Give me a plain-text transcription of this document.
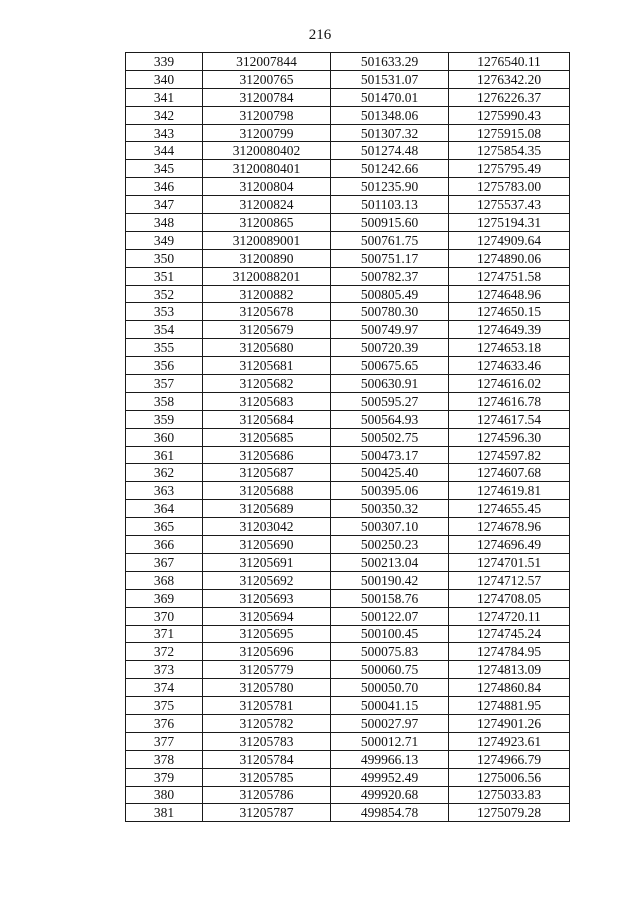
216
339	312007844	501633.29	1276540.11
340	31200765	501531.07	1276342.20
341	31200784	501470.01	1276226.37
342	31200798	501348.06	1275990.43
343	31200799	501307.32	1275915.08
344	3120080402	501274.48	1275854.35
345	3120080401	501242.66	1275795.49
346	31200804	501235.90	1275783.00
347	31200824	501103.13	1275537.43
348	31200865	500915.60	1275194.31
349	3120089001	500761.75	1274909.64
350	31200890	500751.17	1274890.06
351	3120088201	500782.37	1274751.58
352	31200882	500805.49	1274648.96
353	31205678	500780.30	1274650.15
354	31205679	500749.97	1274649.39
355	31205680	500720.39	1274653.18
356	31205681	500675.65	1274633.46
357	31205682	500630.91	1274616.02
358	31205683	500595.27	1274616.78
359	31205684	500564.93	1274617.54
360	31205685	500502.75	1274596.30
361	31205686	500473.17	1274597.82
362	31205687	500425.40	1274607.68
363	31205688	500395.06	1274619.81
364	31205689	500350.32	1274655.45
365	31203042	500307.10	1274678.96
366	31205690	500250.23	1274696.49
367	31205691	500213.04	1274701.51
368	31205692	500190.42	1274712.57
369	31205693	500158.76	1274708.05
370	31205694	500122.07	1274720.11
371	31205695	500100.45	1274745.24
372	31205696	500075.83	1274784.95
373	31205779	500060.75	1274813.09
374	31205780	500050.70	1274860.84
375	31205781	500041.15	1274881.95
376	31205782	500027.97	1274901.26
377	31205783	500012.71	1274923.61
378	31205784	499966.13	1274966.79
379	31205785	499952.49	1275006.56
380	31205786	499920.68	1275033.83
381	31205787	499854.78	1275079.28
